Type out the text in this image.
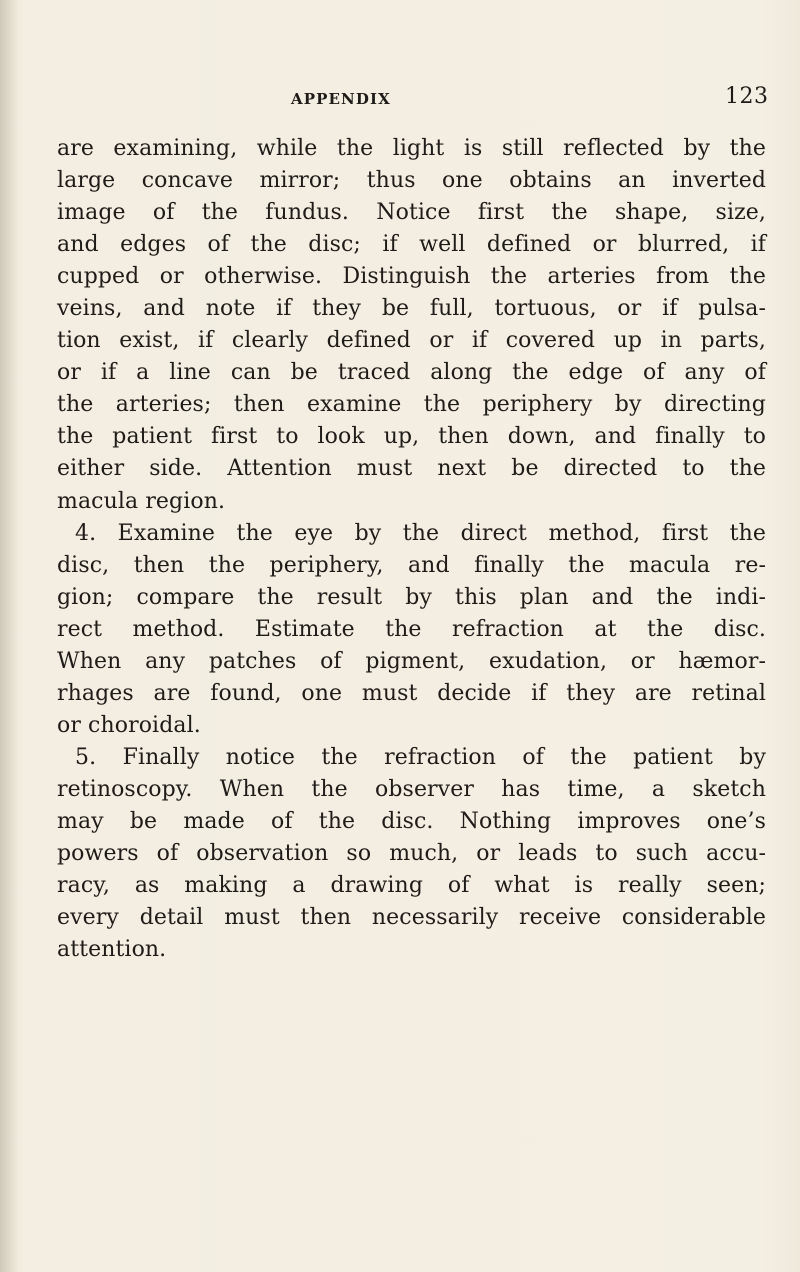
APPENDIX	123

are examining, while the light is still reflected by the
large concave mirror; thus one obtains an inverted
image of the fundus. Notice first the shape, size,
and edges of the disc; if well defined or blurred, if
cupped or otherwise. Distinguish the arteries from the
veins, and note if they be full, tortuous, or if pulsa-
tion exist, if clearly defined or if covered up in parts,
or if a line can be traced along the edge of any of
the arteries; then examine the periphery by directing
the patient first to look up, then down, and finally to
either side. Attention must next be directed to the
macula region.
4. Examine the eye by the direct method, first the
disc, then the periphery, and finally the macula re-
gion; compare the result by this plan and the indi-
rect method. Estimate the refraction at the disc.
When any patches of pigment, exudation, or hæmor-
rhages are found, one must decide if they are retinal
or choroidal.
5. Finally notice the refraction of the patient by
retinoscopy. When the observer has time, a sketch
may be made of the disc. Nothing improves one’s
powers of observation so much, or leads to such accu-
racy, as making a drawing of what is really seen;
every detail must then necessarily receive considerable
attention.
